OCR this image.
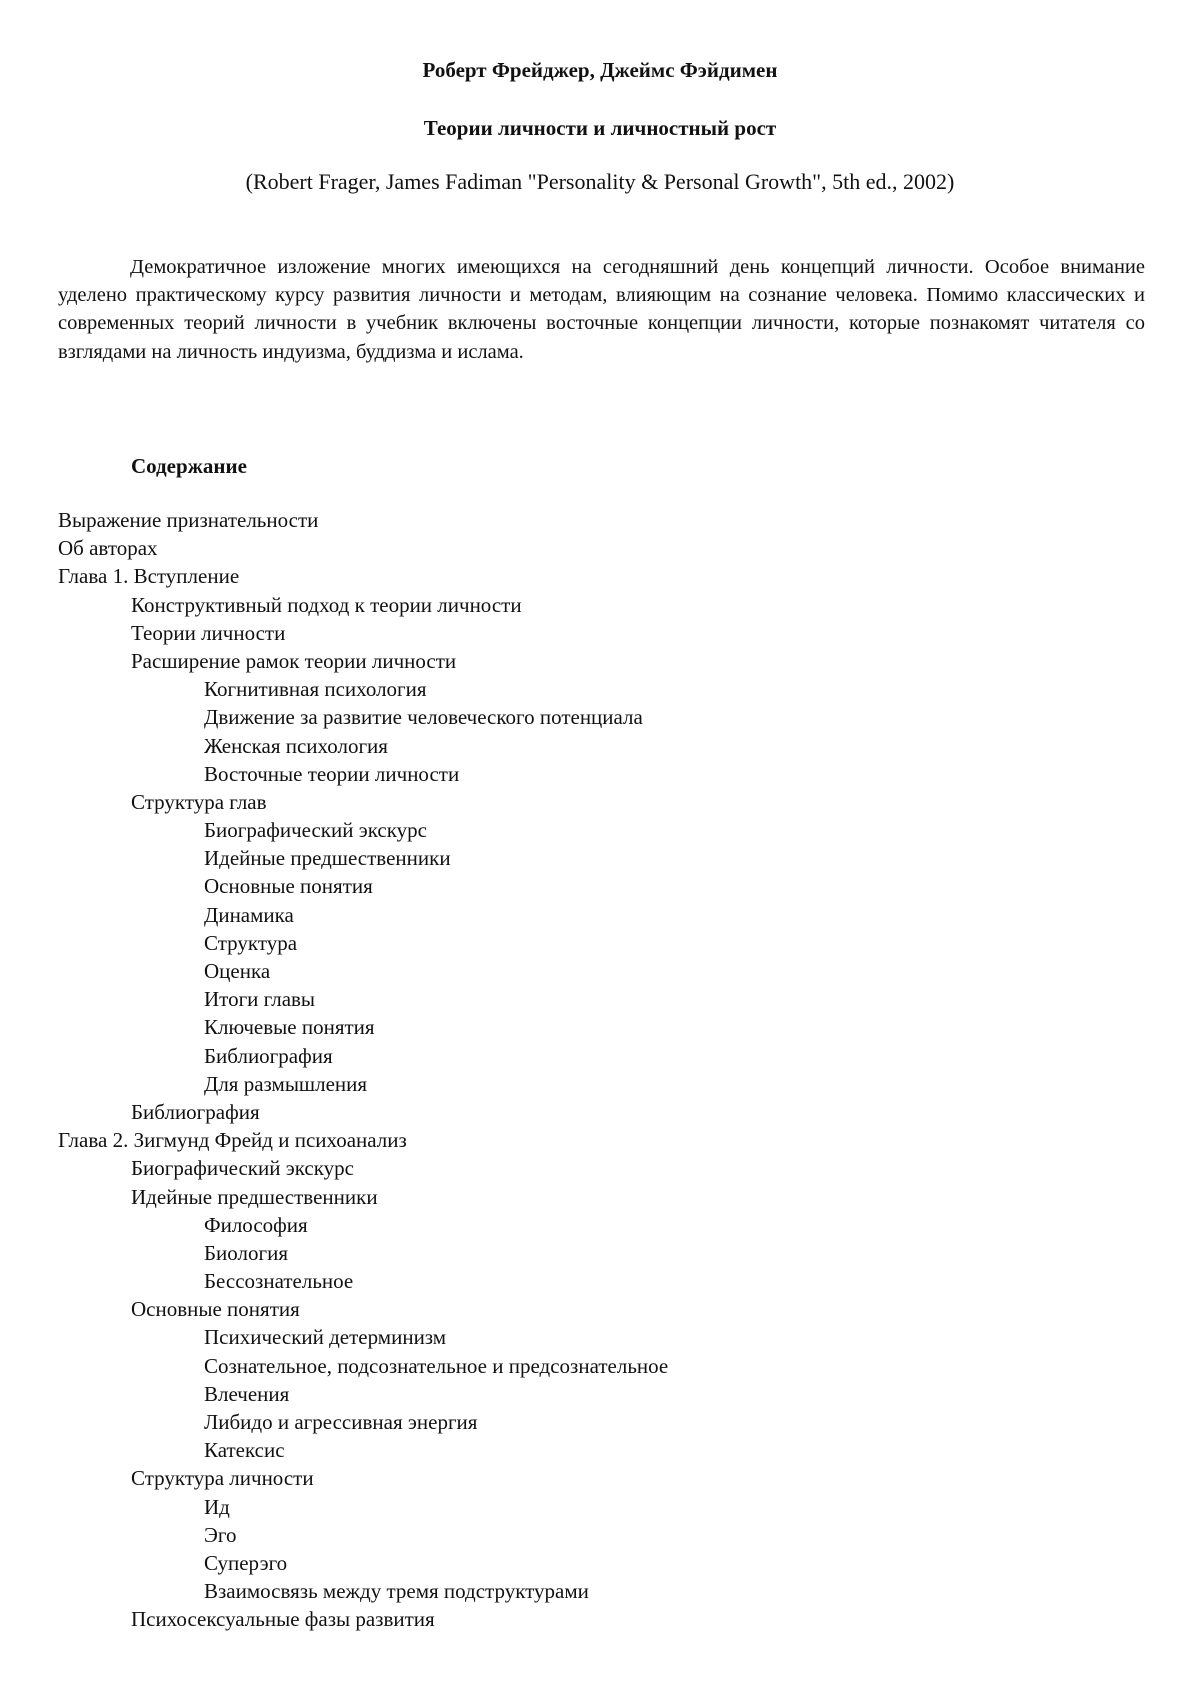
Роберт Фрейджер, Джеймс Фэйдимен
Теории личности и личностный рост
(Robert Frager, James Fadiman "Personality & Personal Growth", 5th ed., 2002)

Демократичное изложение многих имеющихся на сегодняшний день концепций личности. Особое внимание уделено практическому курсу развития личности и методам, влияющим на сознание человека. Помимо классических и современных теорий личности в учебник включены восточные концепции личности, которые познакомят читателя со взглядами на личность индуизма, буддизма и ислама.

Содержание
Выражение признательности
Об авторах
Глава 1. Вступление
Конструктивный подход к теории личности
Теории личности
Расширение рамок теории личности
Когнитивная психология
Движение за развитие человеческого потенциала
Женская психология
Восточные теории личности
Структура глав
Биографический экскурс
Идейные предшественники
Основные понятия
Динамика
Структура
Оценка
Итоги главы
Ключевые понятия
Библиография
Для размышления
Библиография
Глава 2. Зигмунд Фрейд и психоанализ
Биографический экскурс
Идейные предшественники
Философия
Биология
Бессознательное
Основные понятия
Психический детерминизм
Сознательное, подсознательное и предсознательное
Влечения
Либидо и агрессивная энергия
Катексис
Структура личности
Ид
Эго
Суперэго
Взаимосвязь между тремя подструктурами
Психосексуальные фазы развития
